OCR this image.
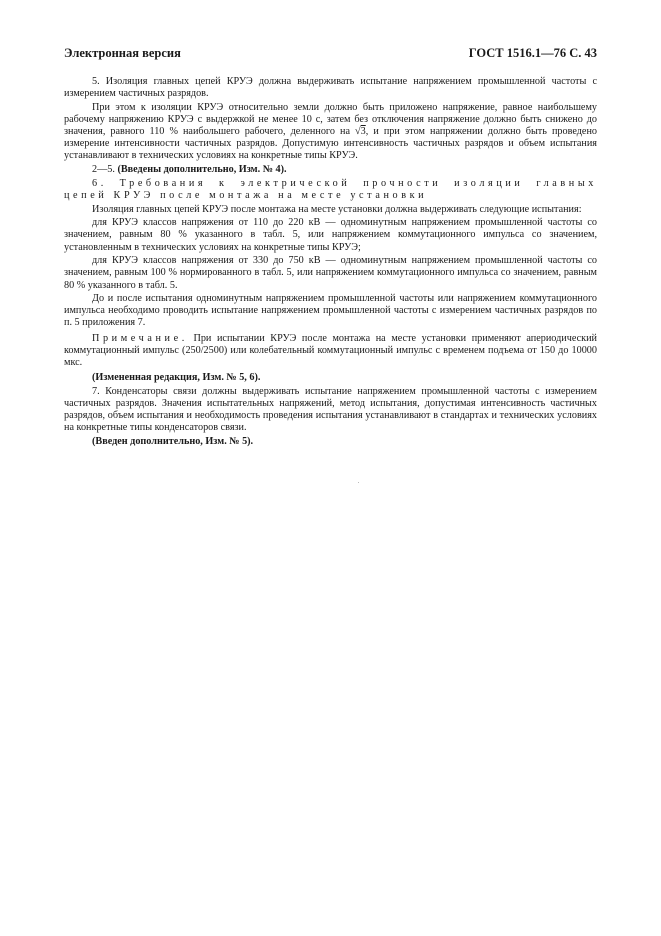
Электронная версия	ГОСТ 1516.1—76 С. 43

5. Изоляция главных цепей КРУЭ должна выдерживать испытание напряжением промышленной частоты с измерением частичных разрядов.

При этом к изоляции КРУЭ относительно земли должно быть приложено напряжение, равное наибольшему рабочему напряжению КРУЭ с выдержкой не менее 10 с, затем без отключения напряжение должно быть снижено до значения, равного 110 % наибольшего рабочего, деленного на √3, и при этом напряжении должно быть проведено измерение интенсивности частичных разрядов. Допустимую интенсивность частичных разрядов и объем испытания устанавливают в технических условиях на конкретные типы КРУЭ.

2—5. (Введены дополнительно, Изм. № 4).

6. Требования к электрической прочности изоляции главных цепей КРУЭ после монтажа на месте установки

Изоляция главных цепей КРУЭ после монтажа на месте установки должна выдерживать следующие испытания:

для КРУЭ классов напряжения от 110 до 220 кВ — одноминутным напряжением промышленной частоты со значением, равным 80 % указанного в табл. 5, или напряжением коммутационного импульса со значением, установленным в технических условиях на конкретные типы КРУЭ;

для КРУЭ классов напряжения от 330 до 750 кВ — одноминутным напряжением промышленной частоты со значением, равным 100 % нормированного в табл. 5, или напряжением коммутационного импульса со значением, равным 80 % указанного в табл. 5.

До и после испытания одноминутным напряжением промышленной частоты или напряжением коммутационного импульса необходимо проводить испытание напряжением промышленной частоты с измерением частичных разрядов по п. 5 приложения 7.

Примечание. При испытании КРУЭ после монтажа на месте установки применяют апериодический коммутационный импульс (250/2500) или колебательный коммутационный импульс с временем подъема от 150 до 10000 мкс.

(Измененная редакция, Изм. № 5, 6).

7. Конденсаторы связи должны выдерживать испытание напряжением промышленной частоты с измерением частичных разрядов. Значения испытательных напряжений, метод испытания, допустимая интенсивность частичных разрядов, объем испытания и необходимость проведения испытания устанавливают в стандартах и технических условиях на конкретные типы конденсаторов связи.

(Введен дополнительно, Изм. № 5).
